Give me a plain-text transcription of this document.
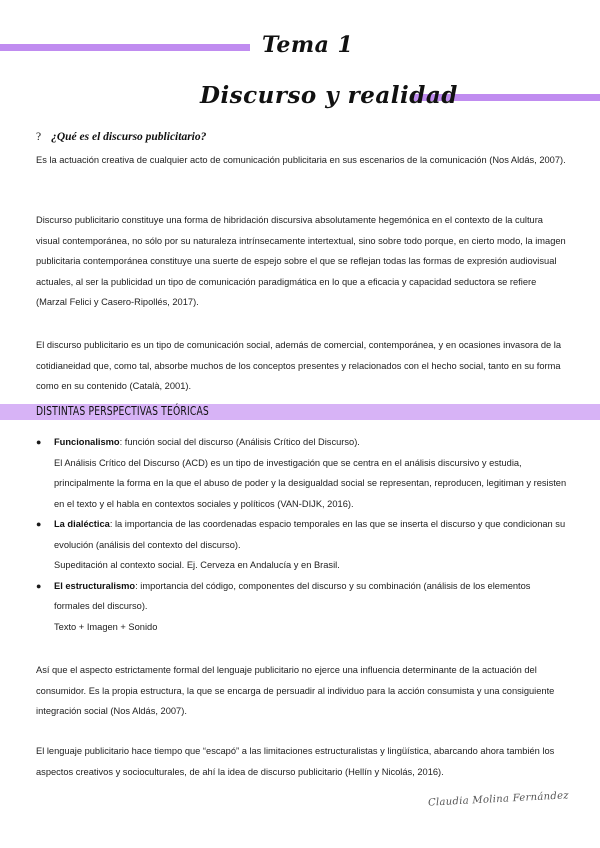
Tema 1
Discurso y realidad
? ¿Qué es el discurso publicitario?

Es la actuación creativa de cualquier acto de comunicación publicitaria en sus escenarios de la comunicación (Nos Aldás, 2007).

Discurso publicitario constituye una forma de hibridación discursiva absolutamente hegemónica en el contexto de la cultura visual contemporánea, no sólo por su naturaleza intrínsecamente intertextual, sino sobre todo porque, en cierto modo, la imagen publicitaria contemporánea constituye una suerte de espejo sobre el que se reflejan todas las formas de expresión audiovisual actuales, al ser la publicidad un tipo de comunicación paradigmática en lo que a eficacia y capacidad seductora se refiere (Marzal Felici y Casero-Ripollés, 2017).

El discurso publicitario es un tipo de comunicación social, además de comercial, contemporánea, y en ocasiones invasora de la cotidianeidad que, como tal, absorbe muchos de los conceptos presentes y relacionados con el hecho social, tanto en su forma como en su contenido (Català, 2001).

DISTINTAS PERSPECTIVAS TEÓRICAS
● Funcionalismo: función social del discurso (Análisis Crítico del Discurso).

El Análisis Crítico del Discurso (ACD) es un tipo de investigación que se centra en el análisis discursivo y estudia, principalmente la forma en la que el abuso de poder y la desigualdad social se representan, reproducen, legitiman y resisten en el texto y el habla en contextos sociales y políticos (VAN-DIJK, 2016).

● La dialéctica: la importancia de las coordenadas espacio temporales en las que se inserta el discurso y que condicionan su evolución (análisis del contexto del discurso).

Supeditación al contexto social. Ej. Cerveza en Andalucía y en Brasil.

● El estructuralismo: importancia del código, componentes del discurso y su combinación (análisis de los elementos formales del discurso).

Texto + Imagen + Sonido

Así que el aspecto estrictamente formal del lenguaje publicitario no ejerce una influencia determinante de la actuación del consumidor. Es la propia estructura, la que se encarga de persuadir al individuo para la acción consumista y una consiguiente integración social (Nos Aldás, 2007).

El lenguaje publicitario hace tiempo que “escapó” a las limitaciones estructuralistas y lingüística, abarcando ahora también los aspectos creativos y socioculturales, de ahí la idea de discurso publicitario (Hellín y Nicolás, 2016).

Claudia Molina Fernández
